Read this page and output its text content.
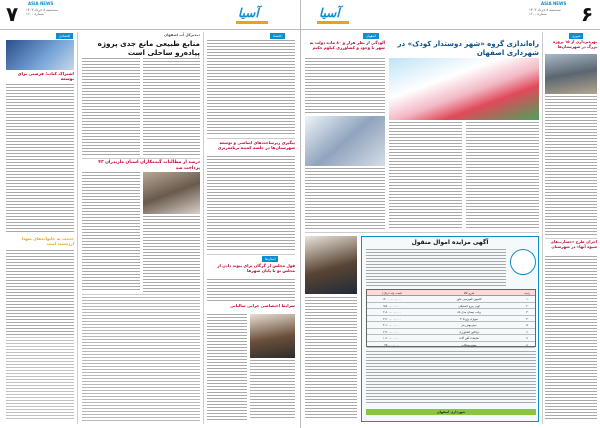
۷ سه‌شنبه ۸ خرداد ۱۴۰۳
شماره ۱۶۰۰
ASIA NEWS
آسیا
اقتصادی
اشتراک کتاب؛ فرصتی برای توسعه
خدمت به خانواده‌های شهدا ارزشمند است
مدیرکل آب اصفهان:
منابع طبیعی مانع جدی پروژه پیاده‌رو ساحلی است
۴۲ درصد از مطالبات گندمکاران استان مازندران پرداخت شد
اقتصاد
پیگیری زیرساخت‌های اساسی و توسعه شهرستان‌ها در جلسه کمیته برنامه‌ریزی
استان‌ها
قول مجلس از گرگان برای پیوند دادن از مجلس تو تا پایان شهرها
شرایط اختصاصی خرابی سالیانی
آسیا
ASIA NEWS
سه‌شنبه ۸ خرداد ۱۴۰۳
شماره ۱۶۰۰	۶
اصفهان
آلودگی از نظر هزار و ۸۰ ماده دولت یه شهر با وجود و کشاورزی کیلوم حکیم	راه‌اندازی گروه «شهر دوستدار کودک» در شهرداری اصفهان
شهری
بهره‌برداری از ۱۵ پروژه بزرگ در شهرستان‌ها
اجرای طرح «خسارت‌های شیوه آنها» در شهرستان
آگهی مزایده اموال منقول
ردیف
شرح کالا
قیمت پایه (ریال)
۱
کامیون کمپرسی خاور
۱۲,۰۰۰,۰۰۰,۰۰۰
۲
لودر چرخ لاستیکی
۹,۵۰۰,۰۰۰,۰۰۰
۳
وانت نیسان مدل ۸۸
۲,۸۰۰,۰۰۰,۰۰۰
۴
سواری پژو ۴۰۵
۳,۲۰۰,۰۰۰,۰۰۰
۵
مینی‌بوس بنز
۴,۱۰۰,۰۰۰,۰۰۰
۶
تراکتور کشاورزی
۲,۴۰۰,۰۰۰,۰۰۰
۷
ضایعات آهن آلات
۱,۶۰۰,۰۰۰,۰۰۰
۸
موتورسیکلت
۳۵۰,۰۰۰,۰۰۰
شهرداری اصفهان
